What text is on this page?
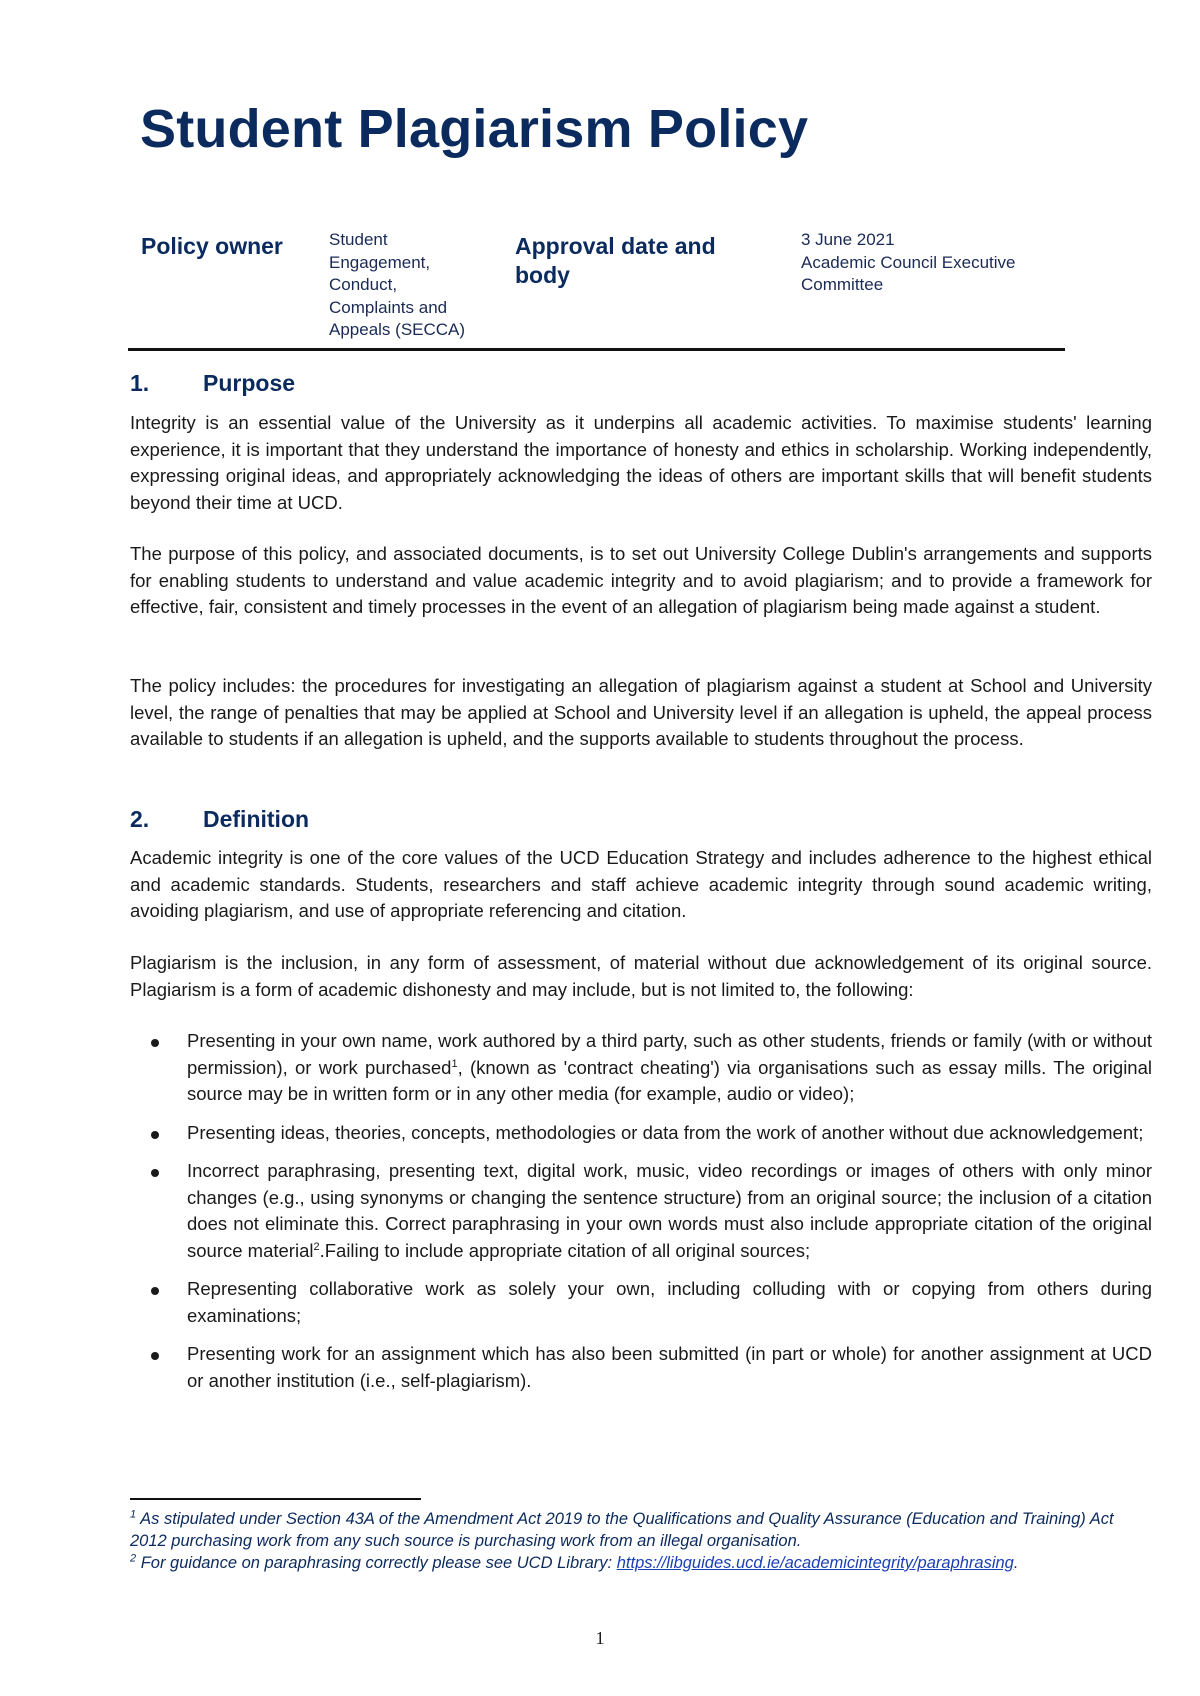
Student Plagiarism Policy
Policy owner	Student
Engagement,
Conduct,
Complaints and
Appeals (SECCA)
Approval date and body
3 June 2021
Academic Council Executive
Committee
1. Purpose

Integrity is an essential value of the University as it underpins all academic activities. To maximise students' learning experience, it is important that they understand the importance of honesty and ethics in scholarship. Working independently, expressing original ideas, and appropriately acknowledging the ideas of others are important skills that will benefit students beyond their time at UCD.

The purpose of this policy, and associated documents, is to set out University College Dublin's arrangements and supports for enabling students to understand and value academic integrity and to avoid plagiarism; and to provide a framework for effective, fair, consistent and timely processes in the event of an allegation of plagiarism being made against a student.

The policy includes: the procedures for investigating an allegation of plagiarism against a student at School and University level, the range of penalties that may be applied at School and University level if an allegation is upheld, the appeal process available to students if an allegation is upheld, and the supports available to students throughout the process.

2. Definition

Academic integrity is one of the core values of the UCD Education Strategy and includes adherence to the highest ethical and academic standards. Students, researchers and staff achieve academic integrity through sound academic writing, avoiding plagiarism, and use of appropriate referencing and citation.

Plagiarism is the inclusion, in any form of assessment, of material without due acknowledgement of its original source. Plagiarism is a form of academic dishonesty and may include, but is not limited to, the following:

Presenting in your own name, work authored by a third party, such as other students, friends or family (with or without permission), or work purchased$^1$, (known as 'contract cheating') via organisations such as essay mills. The original source may be in written form or in any other media (for example, audio or video);
Presenting ideas, theories, concepts, methodologies or data from the work of another without due acknowledgement;
Incorrect paraphrasing, presenting text, digital work, music, video recordings or images of others with only minor changes (e.g., using synonyms or changing the sentence structure) from an original source; the inclusion of a citation does not eliminate this. Correct paraphrasing in your own words must also include appropriate citation of the original source material$^2$.Failing to include appropriate citation of all original sources;
Representing collaborative work as solely your own, including colluding with or copying from others during examinations;
Presenting work for an assignment which has also been submitted (in part or whole) for another assignment at UCD or another institution (i.e., self-plagiarism).

$^1$ As stipulated under Section 43A of the Amendment Act 2019 to the Qualifications and Quality Assurance (Education and Training) Act 2012 purchasing work from any such source is purchasing work from an illegal organisation.

$^2$ For guidance on paraphrasing correctly please see UCD Library: https://libguides.ucd.ie/academicintegrity/paraphrasing.

1
